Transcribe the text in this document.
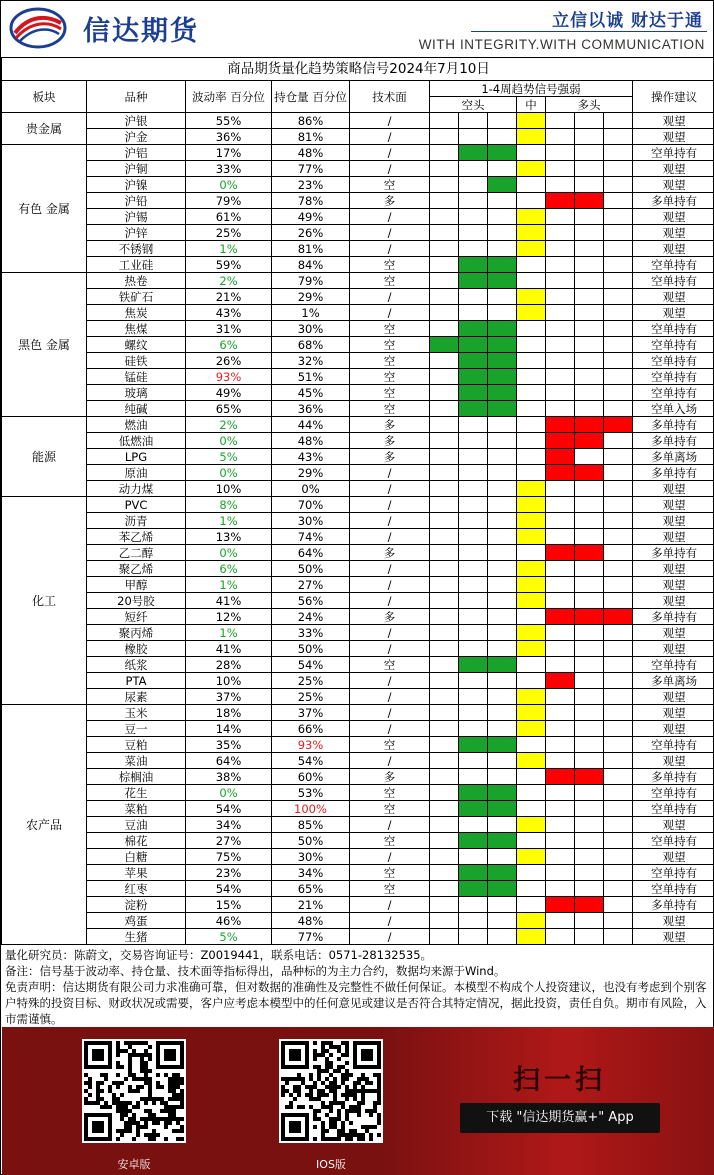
信达期货	立信以诚 财达于通
WITH INTEGRITY.WITH COMMUNICATION
商品期货量化趋势策略信号2024年7月10日												
板块	品种	波动率 百分位	持仓量 百分位	技术面	1-4周趋势信号强弱							操作建议
					空头			中	多头			
贵金属	沪银	55%	86%	/								观望
	沪金	36%	81%	/								观望
有色 金属	沪铝	17%	48%	/								空单持有
	沪铜	33%	77%	/								观望
	沪镍	0%	23%	空								观望
	沪铅	79%	78%	多								多单持有
	沪锡	61%	49%	/								观望
	沪锌	25%	26%	/								观望
	不锈钢	1%	81%	/								观望
	工业硅	59%	84%	空								空单持有
黑色 金属	热卷	2%	79%	空								空单持有
	铁矿石	21%	29%	/								观望
	焦炭	43%	1%	/								观望
	焦煤	31%	30%	空								空单持有
	螺纹	6%	68%	空								空单持有
	硅铁	26%	32%	空								空单持有
	锰硅	93%	51%	空								空单持有
	玻璃	49%	45%	空								空单持有
	纯碱	65%	36%	空								空单入场
能源	燃油	2%	44%	多								多单持有
	低燃油	0%	48%	多								多单持有
	LPG	5%	43%	多								多单离场
	原油	0%	29%	/								多单持有
	动力煤	10%	0%	/								观望
化工	PVC	8%	70%	/								观望
	沥青	1%	30%	/								观望
	苯乙烯	13%	74%	/								观望
	乙二醇	0%	64%	多								多单持有
	聚乙烯	6%	50%	/								观望
	甲醇	1%	27%	/								观望
	20号胶	41%	56%	/								观望
	短纤	12%	24%	多								多单持有
	聚丙烯	1%	33%	/								观望
	橡胶	41%	50%	/								观望
	纸浆	28%	54%	空								空单持有
	PTA	10%	25%	/								多单离场
	尿素	37%	25%	/								观望
农产品	玉米	18%	37%	/								观望
	豆一	14%	66%	/								观望
	豆粕	35%	93%	空								空单持有
	菜油	64%	54%	/								观望
	棕榈油	38%	60%	多								多单持有
	花生	0%	53%	空								空单持有
	菜粕	54%	100%	空								空单持有
	豆油	34%	85%	/								观望
	棉花	27%	50%	空								空单持有
	白糖	75%	30%	/								观望
	苹果	23%	34%	空								空单持有
	红枣	54%	65%	空								空单持有
	淀粉	15%	21%	/								多单持有
	鸡蛋	46%	48%	/								观望
	生猪	5%	77%	/								观望

量化研究员：陈蔚文，交易咨询证号：Z0019441，联系电话：0571-28132535。

备注：信号基于波动率、持仓量、技术面等指标得出，品种标的为主力合约，数据均来源于Wind。

免责声明：信达期货有限公司力求准确可靠，但对数据的准确性及完整性不做任何保证。本模型不构成个人投资建议，也没有考虑到个别客户特殊的投资目标、财政状况或需要，客户应考虑本模型中的任何意见或建议是否符合其特定情况，据此投资，责任自负。期市有风险，入市需谨慎。

安卓版	IOS版
扫一扫
下载 "信达期货赢+" App
